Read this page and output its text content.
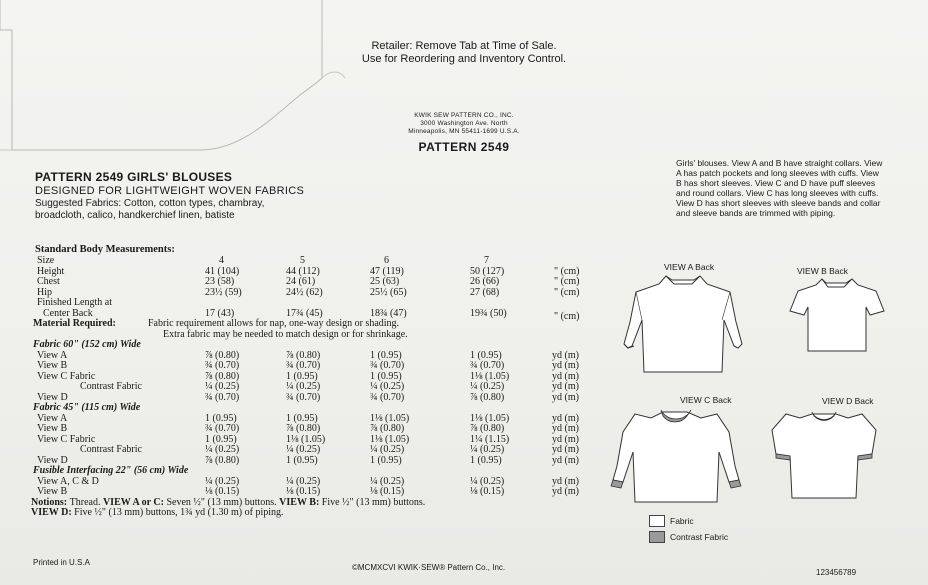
Retailer: Remove Tab at Time of Sale.
Use for Reordering and Inventory Control.
KWIK SEW PATTERN CO., INC.
3000 Washington Ave. North
Minneapolis, MN 55411-1699 U.S.A.
PATTERN 2549
PATTERN 2549 GIRLS' BLOUSES
DESIGNED FOR LIGHTWEIGHT WOVEN FABRICS
Suggested Fabrics: Cotton, cotton types, chambray,
broadcloth, calico, handkerchief linen, batiste
Standard Body Measurements:
Girls' blouses. View A and B have straight collars. View A has patch pockets and long sleeves with cuffs. View B has short sleeves. View C and D have puff sleeves and round collars. View C has long sleeves with cuffs. View D has short sleeves with sleeve bands and collar and sleeve bands are trimmed with piping.
VIEW A Back	VIEW B Back
VIEW C Back	VIEW D Back
Fabric
Contrast Fabric
Printed in U.S.A
©MCMXCVI KWIK·SEW® Pattern Co., Inc.
123456789
Size	4	5	6	7
Height	41 (104)	44 (112)	47 (119)	50 (127)	" (cm)
Chest	23 (58)	24 (61)	25 (63)	26 (66)	" (cm)
Hip	23½ (59)	24½ (62)	25½ (65)	27 (68)	" (cm)
Finished Length at
Center Back	17 (43)	17¾ (45)	18¾ (47)	19¾ (50)	" (cm)
Material Required:	Fabric requirement allows for nap, one-way design or shading.
Extra fabric may be needed to match design or for shrinkage.
Fabric 60" (152 cm) Wide
View A	⅞ (0.80)	⅞ (0.80)	1 (0.95)	1 (0.95)	yd (m)
View B	¾ (0.70)	¾ (0.70)	¾ (0.70)	¾ (0.70)	yd (m)
View C Fabric	⅞ (0.80)	1 (0.95)	1 (0.95)	1⅛ (1.05)	yd (m)
Contrast Fabric	¼ (0.25)	¼ (0.25)	¼ (0.25)	¼ (0.25)	yd (m)
View D	¾ (0.70)	¾ (0.70)	¾ (0.70)	⅞ (0.80)	yd (m)
Fabric 45" (115 cm) Wide
View A	1 (0.95)	1 (0.95)	1⅛ (1.05)	1⅛ (1.05)	yd (m)
View B	¾ (0.70)	⅞ (0.80)	⅞ (0.80)	⅞ (0.80)	yd (m)
View C Fabric	1 (0.95)	1⅛ (1.05)	1⅛ (1.05)	1¼ (1.15)	yd (m)
Contrast Fabric	¼ (0.25)	¼ (0.25)	¼ (0.25)	¼ (0.25)	yd (m)
View D	⅞ (0.80)	1 (0.95)	1 (0.95)	1 (0.95)	yd (m)
Fusible Interfacing 22" (56 cm) Wide
View A, C & D	¼ (0.25)	¼ (0.25)	¼ (0.25)	¼ (0.25)	yd (m)
View B	⅛ (0.15)	⅛ (0.15)	⅛ (0.15)	⅛ (0.15)	yd (m)
Notions: Thread. VIEW A or C: Seven ½" (13 mm) buttons. VIEW B: Five ½" (13 mm) buttons.
VIEW D: Five ½" (13 mm) buttons, 1¾ yd (1.30 m) of piping.
